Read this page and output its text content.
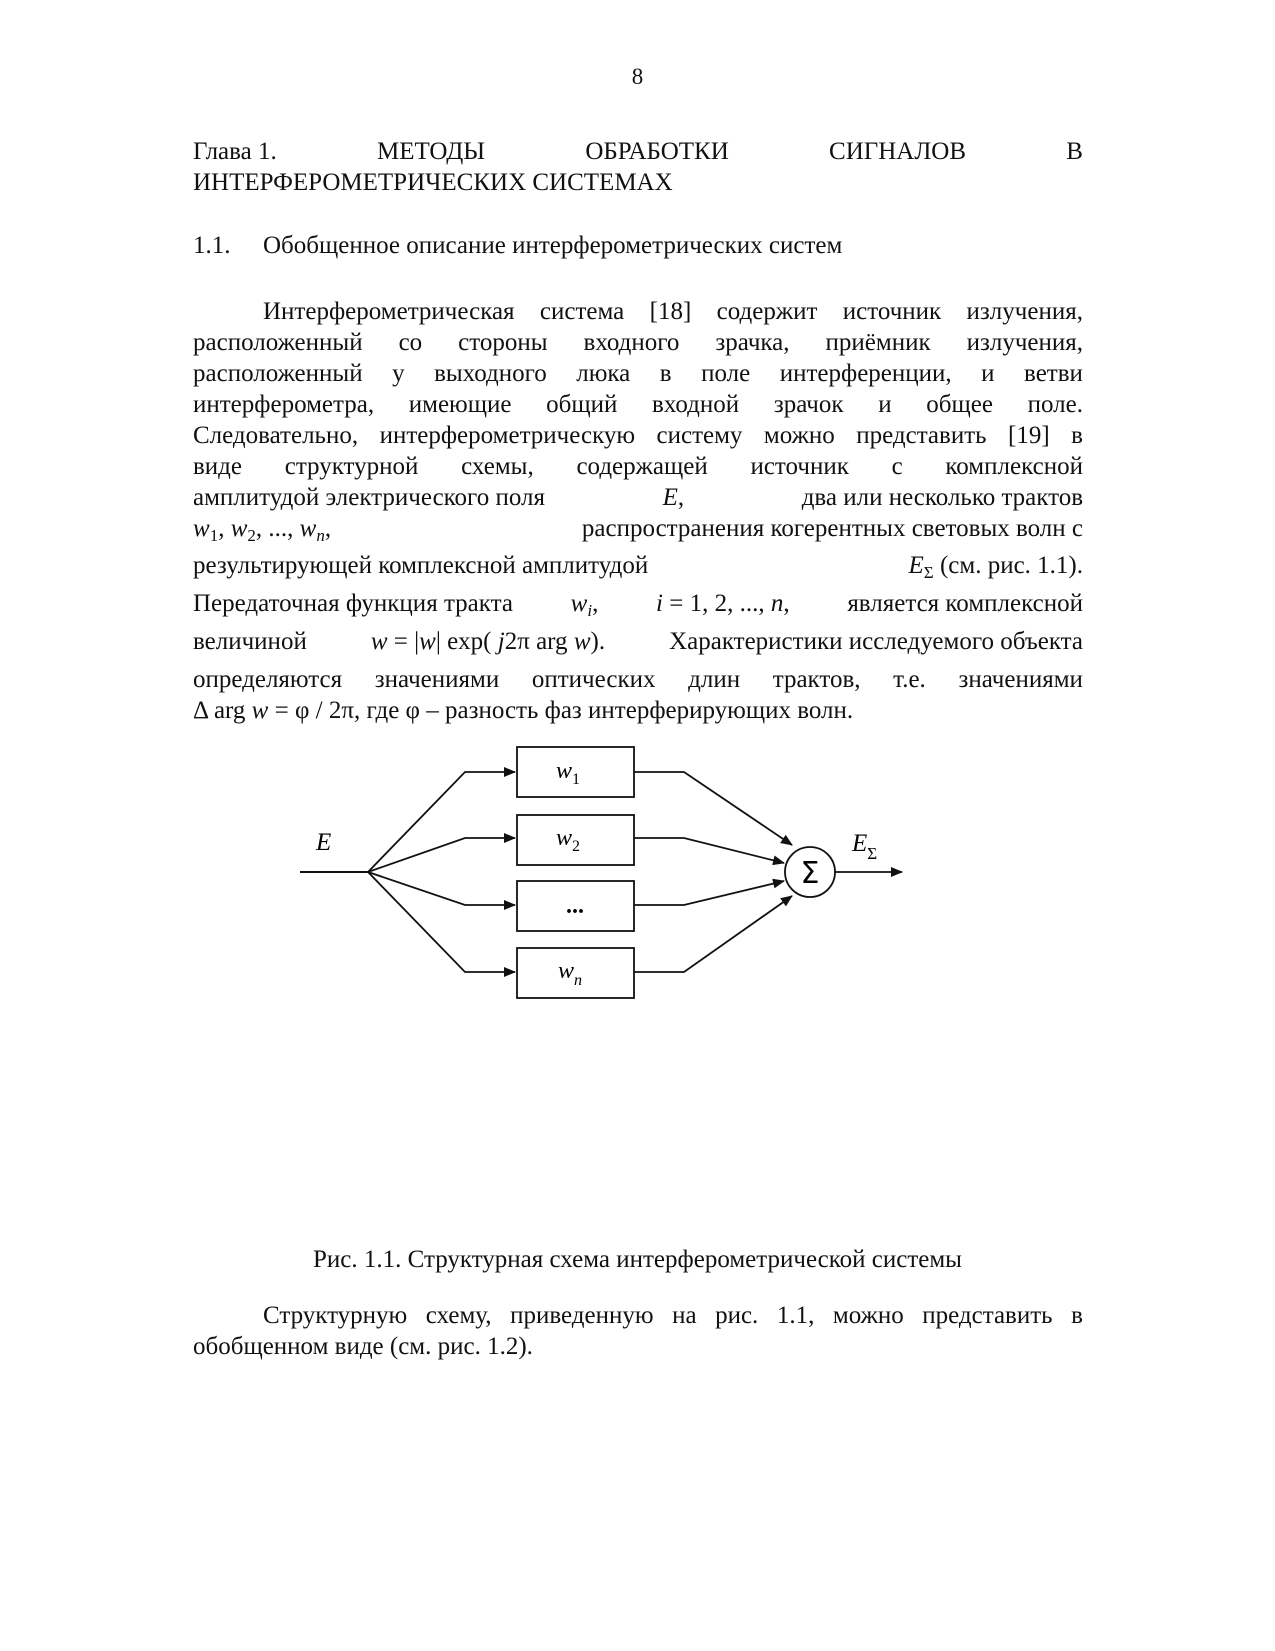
8
Глава 1.	МЕТОДЫ	ОБРАБОТКИ	СИГНАЛОВ	В
ИНТЕРФЕРОМЕТРИЧЕСКИХ СИСТЕМАХ
1.1. Обобщенное описание интерферометрических систем
Интерферометрическая система [18] содержит источник излучения,
расположенный со стороны входного зрачка, приёмник излучения,
расположенный у выходного люка в поле интерференции, и ветви
интерферометра, имеющие общий входной зрачок и общее поле.
Следовательно, интерферометрическую систему можно представить [19] в
виде структурной схемы, содержащей источник с комплексной
амплитудой электрического поля	E,	два или несколько трактов
$w_1$, $w_2$, ..., $w_n$,	распространения когерентных световых волн с
результирующей комплексной амплитудой	$E_\Sigma$ (см. рис. 1.1).
Передаточная функция тракта $w_i$, i = 1, 2, ..., n, является комплексной
величиной	w = |w| exp( j2π arg w).	Характеристики исследуемого объекта
определяются значениями оптических длин трактов, т.е. значениями
Δ arg w = φ / 2π, где φ – разность фаз интерферирующих волн.
E
$w_1$
$w_2$
...
$w_n$
Σ
$E_\Sigma$
Рис. 1.1. Структурная схема интерферометрической системы
Структурную схему, приведенную на рис. 1.1, можно представить в
обобщенном виде (см. рис. 1.2).
